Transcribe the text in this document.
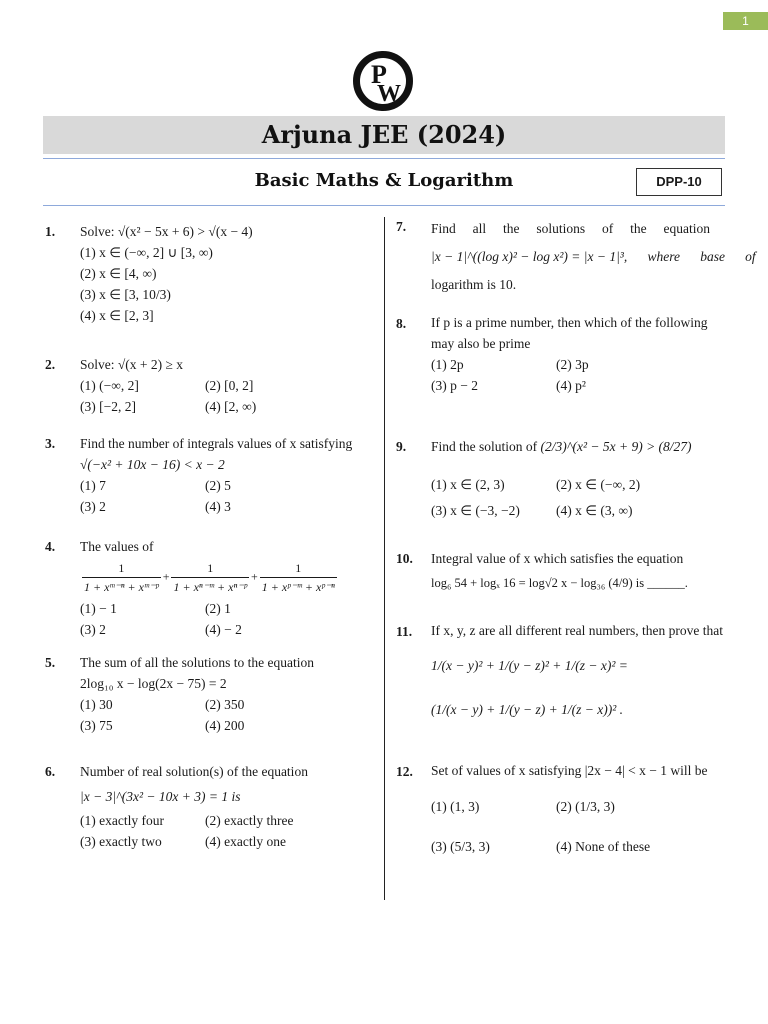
1
P
W
Arjuna JEE (2024)
Basic Maths & Logarithm	DPP-10
1. Solve: √(x² − 5x + 6) > √(x − 4)
(1) x ∈ (−∞, 2] ∪ [3, ∞)
(2) x ∈ [4, ∞)
(3) x ∈ [3, 10/3)
(4) x ∈ [2, 3]
2. Solve: √(x + 2) ≥ x
(1) (−∞, 2]	(2) [0, 2]
(3) [−2, 2]	(4) [2, ∞)
3. Find the number of integrals values of x satisfying
√(−x² + 10x − 16) < x − 2
(1) 7	(2) 5
(3) 2	(4) 3
4. The values of
$\frac{1}{\text{1 + xᵐ⁻ⁿ + xᵐ⁻ᵖ}} + \frac{1}{\text{1 + xⁿ⁻ᵐ + xⁿ⁻ᵖ}} + \frac{1}{\text{1 + xᵖ⁻ᵐ + xᵖ⁻ⁿ}}$
(1) − 1	(2) 1
(3) 2	(4) − 2
5. The sum of all the solutions to the equation
2log₁₀ x − log(2x − 75) = 2
(1) 30	(2) 350
(3) 75	(4) 200
6. Number of real solution(s) of the equation
|x − 3|^(3x² − 10x + 3) = 1 is
(1) exactly four	(2) exactly three
(3) exactly two	(4) exactly one
7. Find     all     the     solutions     of     the     equation
|x − 1|^((log x)² − log x²) = |x − 1|³,      where      base      of
logarithm is 10.
8. If p is a prime number, then which of the following may also be prime
(1) 2p	(2) 3p
(3) p − 2	(4) p²
9. Find the solution of
(2/3)^(x² − 5x + 9) > (8/27)
(1) x ∈ (2, 3)	(2) x ∈ (−∞, 2)
(3) x ∈ (−3, −2)	(4) x ∈ (3, ∞)
10. Integral value of x which satisfies the equation
log₆ 54 + logₓ 16 = log√2 x − log₃₆ (4/9) is ______.
11. If x, y, z are all different real numbers, then prove that
1/(x − y)² + 1/(y − z)² + 1/(z − x)² =
(1/(x − y) + 1/(y − z) + 1/(z − x))² .
12. Set of values of x satisfying |2x − 4| < x − 1 will be
(1) (1, 3)	(2) (1/3, 3)
(3) (5/3, 3)	(4) None of these
